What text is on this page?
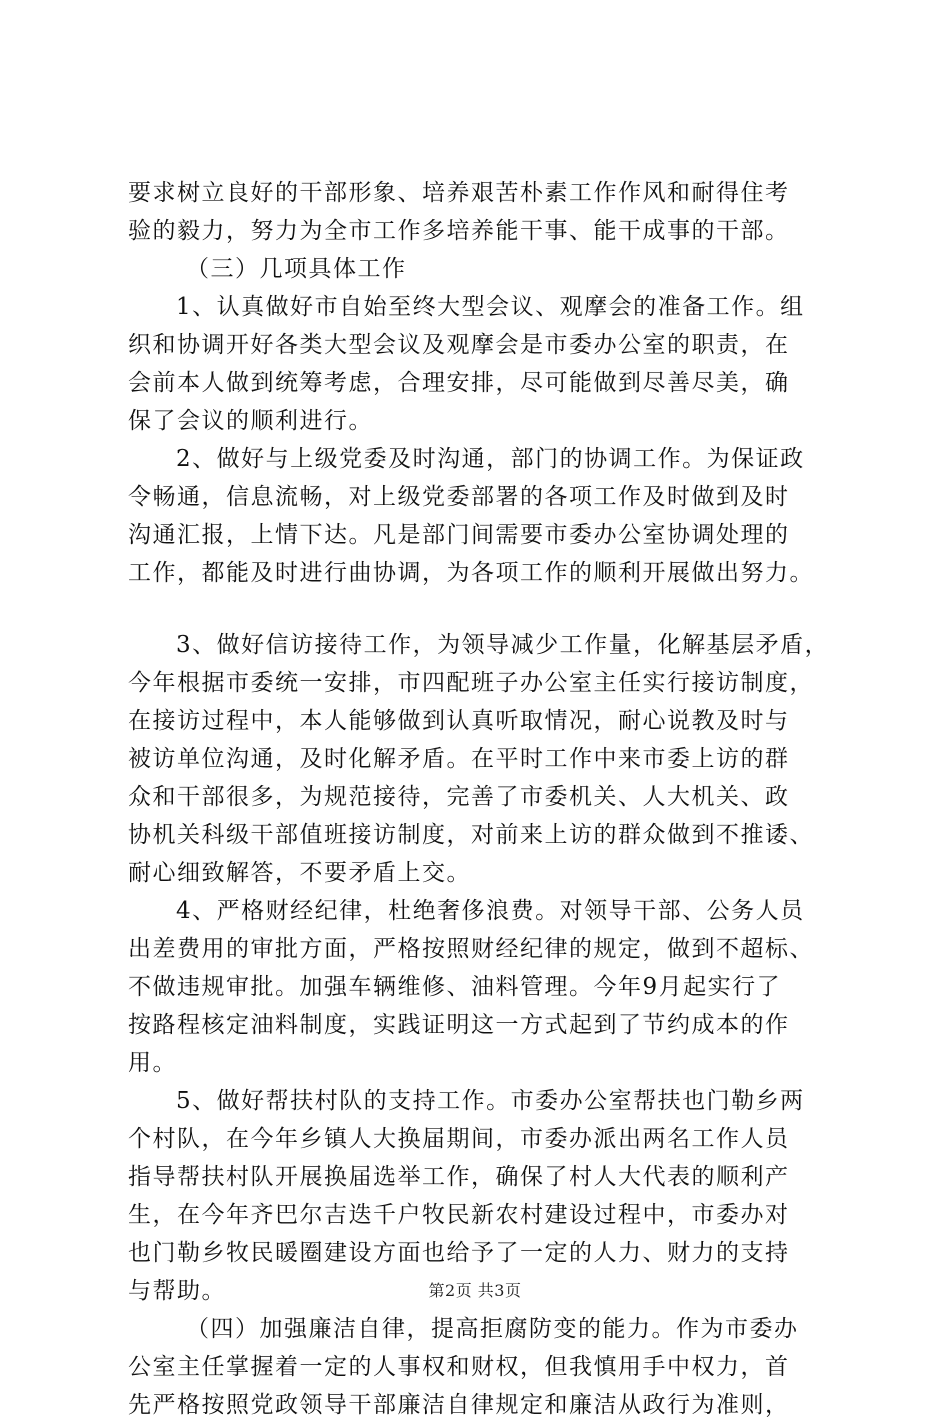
要求树立良好的干部形象、培养艰苦朴素工作作风和耐得住考
验的毅力，努力为全市工作多培养能干事、能干成事的干部。
（三）几项具体工作
1、认真做好市自始至终大型会议、观摩会的准备工作。组
织和协调开好各类大型会议及观摩会是市委办公室的职责，在
会前本人做到统筹考虑，合理安排，尽可能做到尽善尽美，确
保了会议的顺利进行。
2、做好与上级党委及时沟通，部门的协调工作。为保证政
令畅通，信息流畅，对上级党委部署的各项工作及时做到及时
沟通汇报，上情下达。凡是部门间需要市委办公室协调处理的
工作，都能及时进行曲协调，为各项工作的顺利开展做出努力。
3、做好信访接待工作，为领导减少工作量，化解基层矛盾，
今年根据市委统一安排，市四配班子办公室主任实行接访制度，
在接访过程中，本人能够做到认真听取情况，耐心说教及时与
被访单位沟通，及时化解矛盾。在平时工作中来市委上访的群
众和干部很多，为规范接待，完善了市委机关、人大机关、政
协机关科级干部值班接访制度，对前来上访的群众做到不推诿、
耐心细致解答，不要矛盾上交。
4、严格财经纪律，杜绝奢侈浪费。对领导干部、公务人员
出差费用的审批方面，严格按照财经纪律的规定，做到不超标、
不做违规审批。加强车辆维修、油料管理。今年9月起实行了
按路程核定油料制度，实践证明这一方式起到了节约成本的作
用。
5、做好帮扶村队的支持工作。市委办公室帮扶也门勒乡两
个村队，在今年乡镇人大换届期间，市委办派出两名工作人员
指导帮扶村队开展换届选举工作，确保了村人大代表的顺利产
生，在今年齐巴尔吉迭千户牧民新农村建设过程中，市委办对
也门勒乡牧民暖圈建设方面也给予了一定的人力、财力的支持
与帮助。
（四）加强廉洁自律，提高拒腐防变的能力。作为市委办
公室主任掌握着一定的人事权和财权，但我慎用手中权力，首
先严格按照党政领导干部廉洁自律规定和廉洁从政行为准则，
第2页 共3页
